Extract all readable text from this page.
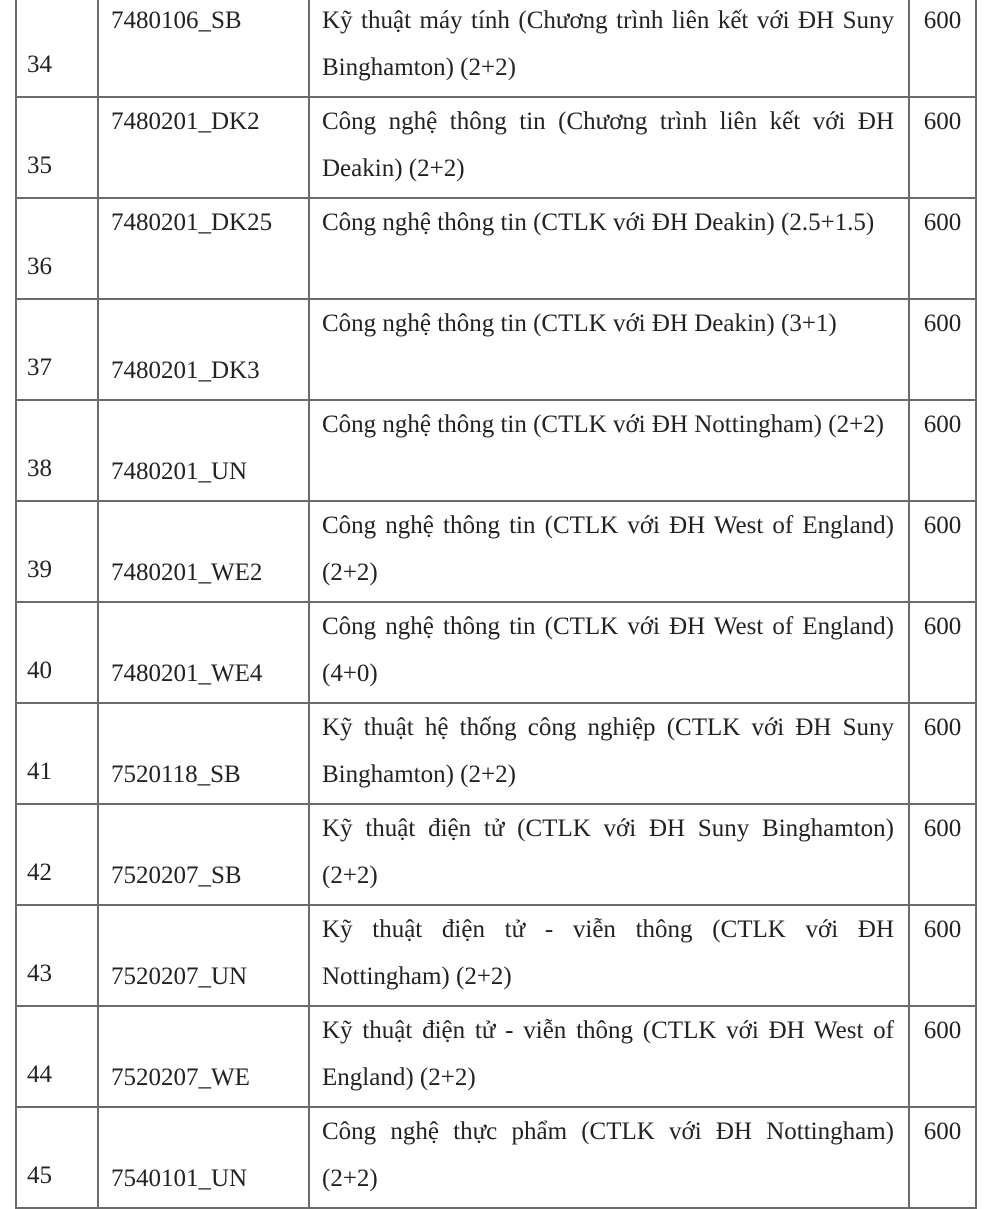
34	7480106_SB	Kỹ thuật máy tính (Chương trình liên kết với ĐH Suny Binghamton) (2+2)	600
35	7480201_DK2	Công nghệ thông tin (Chương trình liên kết với ĐH Deakin) (2+2)	600
36	7480201_DK25	Công nghệ thông tin (CTLK với ĐH Deakin) (2.5+1.5)	600
37	7480201_DK3	Công nghệ thông tin (CTLK với ĐH Deakin) (3+1)	600
38	7480201_UN	Công nghệ thông tin (CTLK với ĐH Nottingham) (2+2)	600
39	7480201_WE2	Công nghệ thông tin (CTLK với ĐH West of England) (2+2)	600
40	7480201_WE4	Công nghệ thông tin (CTLK với ĐH West of England) (4+0)	600
41	7520118_SB	Kỹ thuật hệ thống công nghiệp (CTLK với ĐH Suny Binghamton) (2+2)	600
42	7520207_SB	Kỹ thuật điện tử (CTLK với ĐH Suny Binghamton) (2+2)	600
43	7520207_UN	Kỹ thuật điện tử - viễn thông (CTLK với ĐH Nottingham) (2+2)	600
44	7520207_WE	Kỹ thuật điện tử - viễn thông (CTLK với ĐH West of England) (2+2)	600
45	7540101_UN	Công nghệ thực phẩm (CTLK với ĐH Nottingham) (2+2)	600
